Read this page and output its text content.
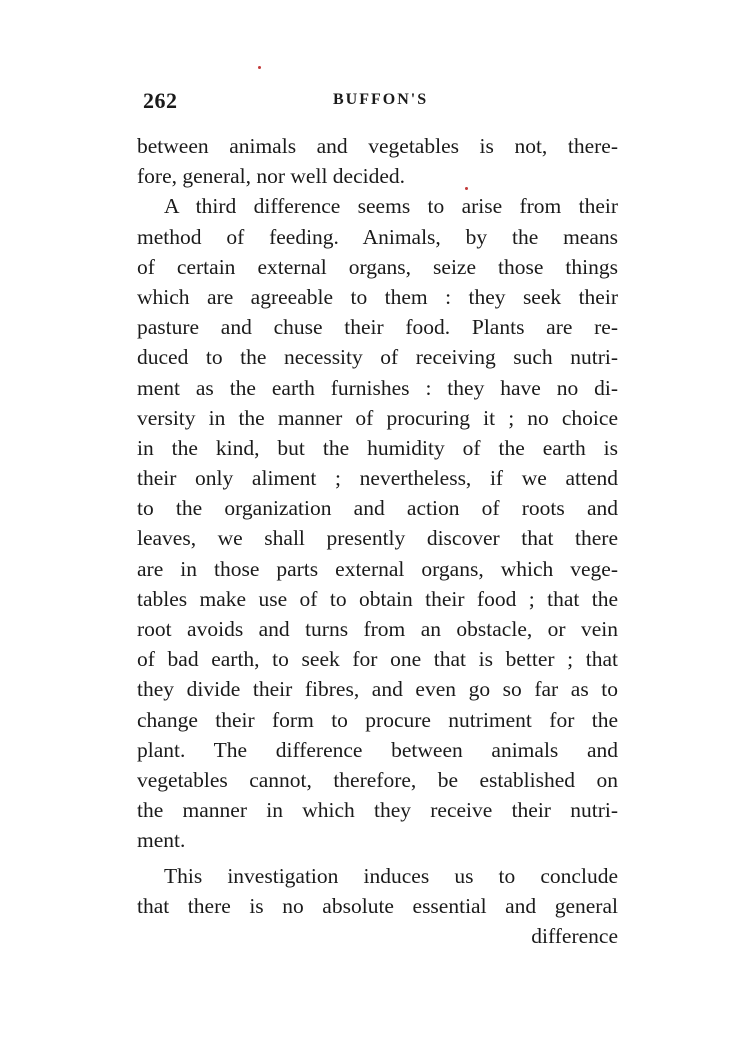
262	BUFFON'S
between animals and vegetables is not, there-
fore, general, nor well decided.
A third difference seems to arise from their
method of feeding. Animals, by the means
of certain external organs, seize those things
which are agreeable to them : they seek their
pasture and chuse their food. Plants are re-
duced to the necessity of receiving such nutri-
ment as the earth furnishes : they have no di-
versity in the manner of procuring it ; no choice
in the kind, but the humidity of the earth is
their only aliment ; nevertheless, if we attend
to the organization and action of roots and
leaves, we shall presently discover that there
are in those parts external organs, which vege-
tables make use of to obtain their food ; that the
root avoids and turns from an obstacle, or vein
of bad earth, to seek for one that is better ; that
they divide their fibres, and even go so far as to
change their form to procure nutriment for the
plant. The difference between animals and
vegetables cannot, therefore, be established on
the manner in which they receive their nutri-
ment.
This investigation induces us to conclude
that there is no absolute essential and general
difference
